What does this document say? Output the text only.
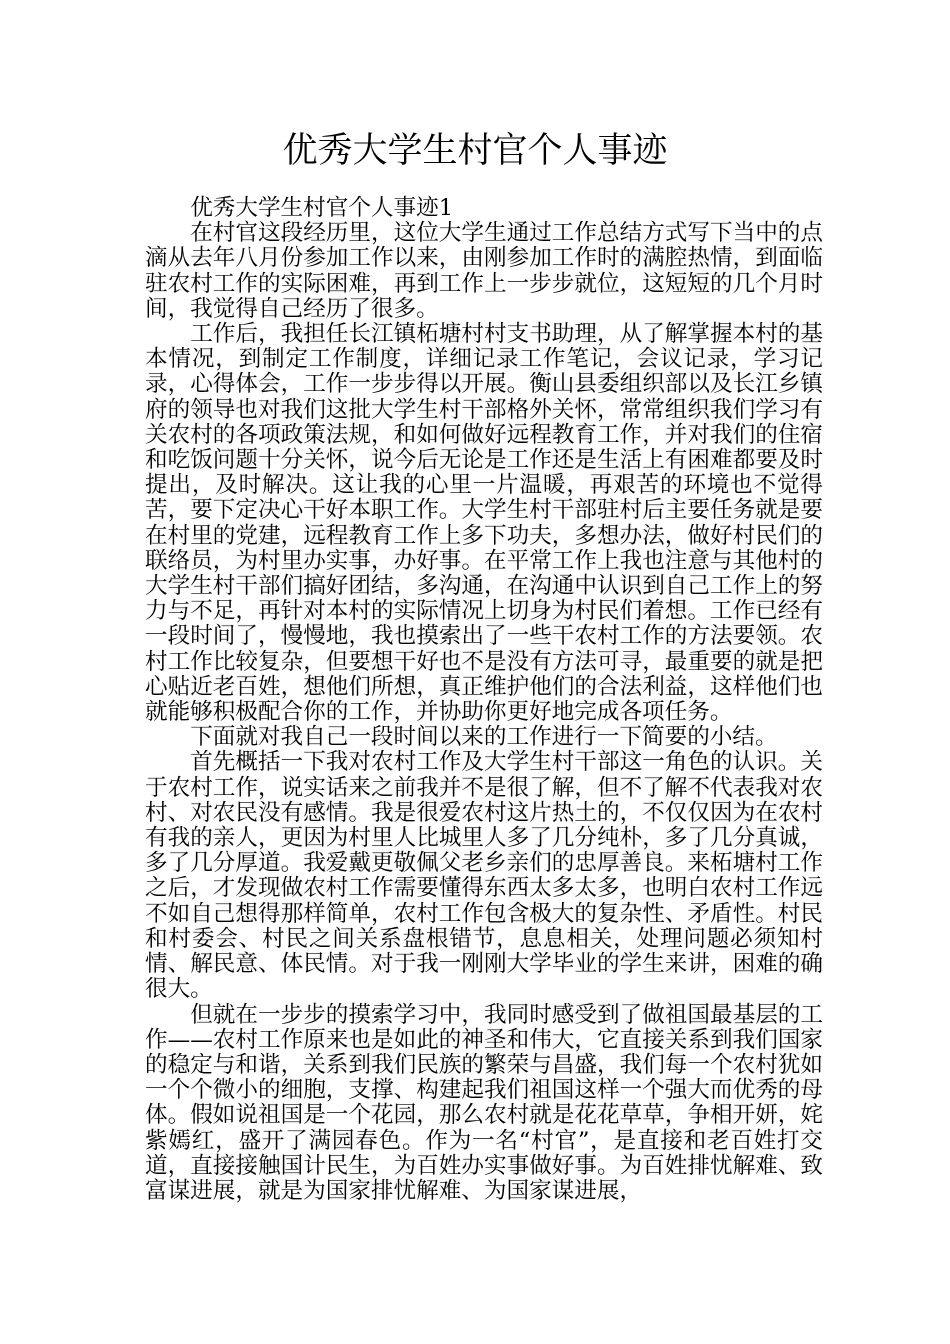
优秀大学生村官个人事迹

优秀大学生村官个人事迹1

在村官这段经历里，这位大学生通过工作总结方式写下当中的点滴从去年八月份参加工作以来，由刚参加工作时的满腔热情，到面临驻农村工作的实际困难，再到工作上一步步就位，这短短的几个月时间，我觉得自己经历了很多。

工作后，我担任长江镇柘塘村村支书助理，从了解掌握本村的基本情况，到制定工作制度，详细记录工作笔记，会议记录，学习记录，心得体会，工作一步步得以开展。衡山县委组织部以及长江乡镇府的领导也对我们这批大学生村干部格外关怀，常常组织我们学习有关农村的各项政策法规，和如何做好远程教育工作，并对我们的住宿和吃饭问题十分关怀，说今后无论是工作还是生活上有困难都要及时提出，及时解决。这让我的心里一片温暖，再艰苦的环境也不觉得苦，要下定决心干好本职工作。大学生村干部驻村后主要任务就是要在村里的党建，远程教育工作上多下功夫，多想办法，做好村民们的联络员，为村里办实事，办好事。在平常工作上我也注意与其他村的大学生村干部们搞好团结，多沟通，在沟通中认识到自己工作上的努力与不足，再针对本村的实际情况上切身为村民们着想。工作已经有一段时间了，慢慢地，我也摸索出了一些干农村工作的方法要领。农村工作比较复杂，但要想干好也不是没有方法可寻，最重要的就是把心贴近老百姓，想他们所想，真正维护他们的合法利益，这样他们也就能够积极配合你的工作，并协助你更好地完成各项任务。

下面就对我自己一段时间以来的工作进行一下简要的小结。

首先概括一下我对农村工作及大学生村干部这一角色的认识。关于农村工作，说实话来之前我并不是很了解，但不了解不代表我对农村、对农民没有感情。我是很爱农村这片热土的，不仅仅因为在农村有我的亲人，更因为村里人比城里人多了几分纯朴，多了几分真诚，多了几分厚道。我爱戴更敬佩父老乡亲们的忠厚善良。来柘塘村工作之后，才发现做农村工作需要懂得东西太多太多，也明白农村工作远不如自己想得那样简单，农村工作包含极大的复杂性、矛盾性。村民和村委会、村民之间关系盘根错节，息息相关，处理问题必须知村情、解民意、体民情。对于我一刚刚大学毕业的学生来讲，困难的确很大。

但就在一步步的摸索学习中，我同时感受到了做祖国最基层的工作——农村工作原来也是如此的神圣和伟大，它直接关系到我们国家的稳定与和谐，关系到我们民族的繁荣与昌盛，我们每一个农村犹如一个个微小的细胞，支撑、构建起我们祖国这样一个强大而优秀的母体。假如说祖国是一个花园，那么农村就是花花草草，争相开妍，姹紫嫣红，盛开了满园春色。作为一名“村官”，是直接和老百姓打交道，直接接触国计民生，为百姓办实事做好事。为百姓排忧解难、致富谋进展，就是为国家排忧解难、为国家谋进展，
